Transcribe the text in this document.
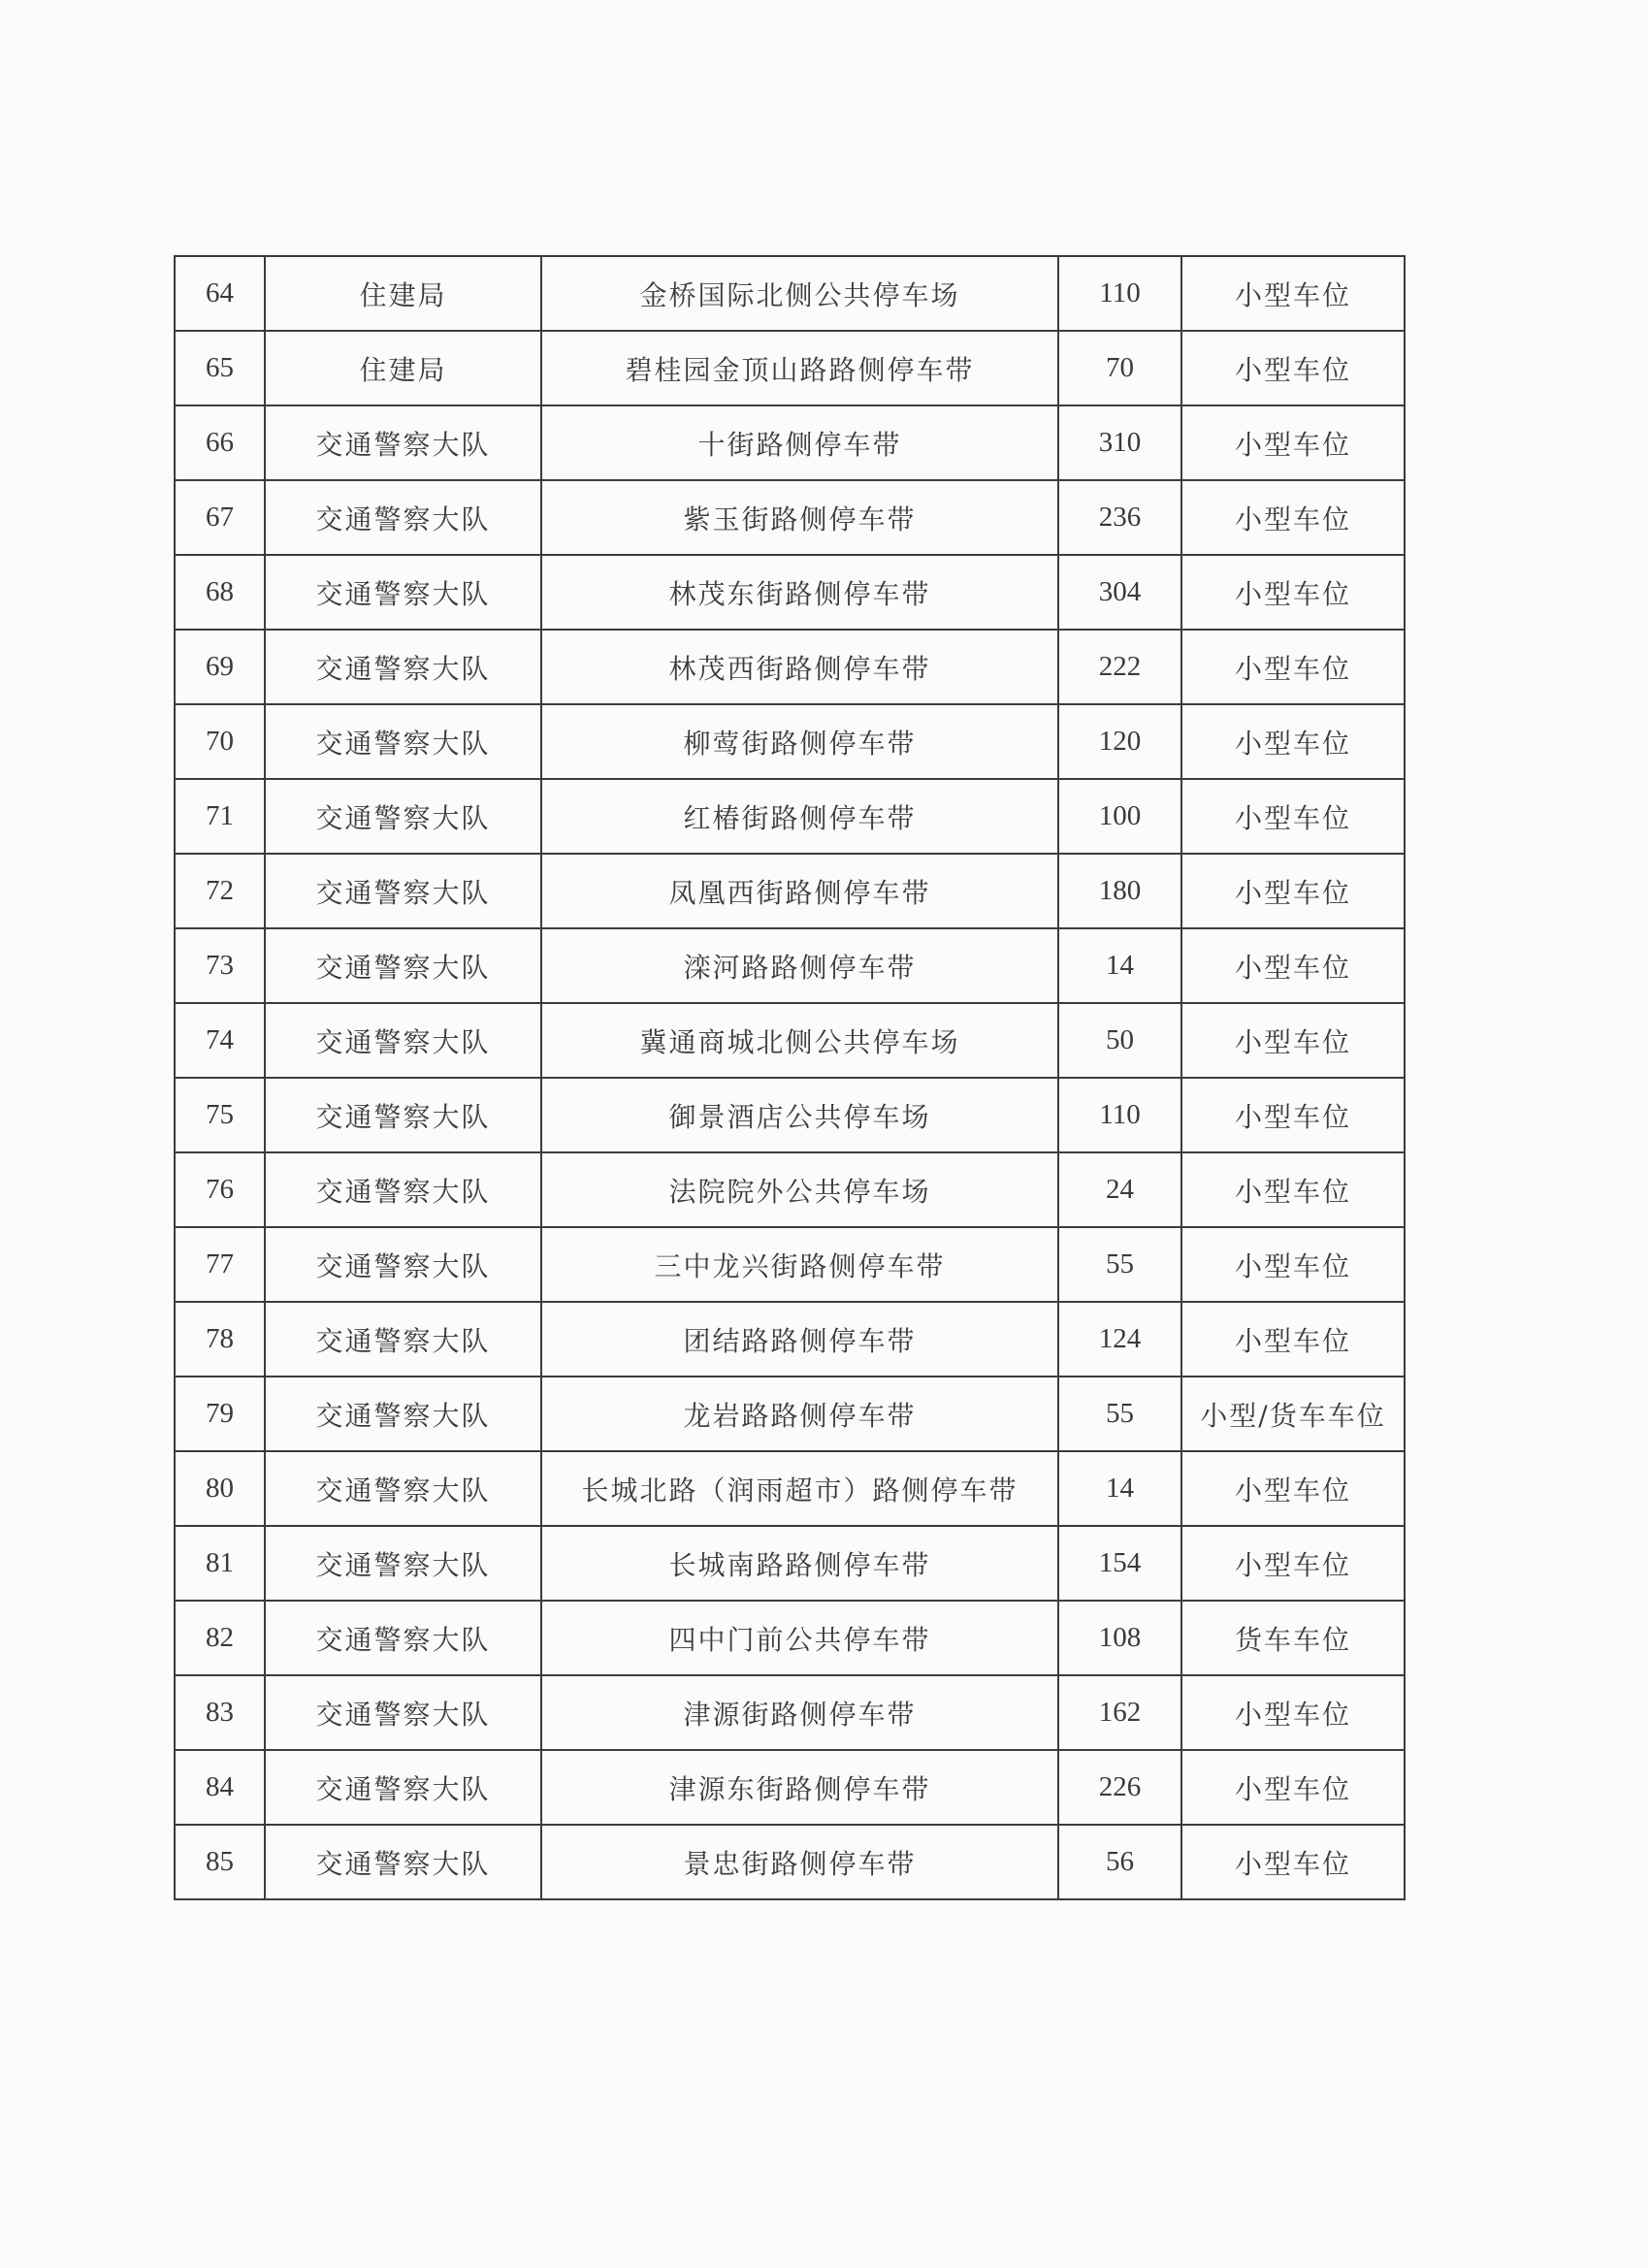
64	住建局	金桥国际北侧公共停车场	110	小型车位
65	住建局	碧桂园金顶山路路侧停车带	70	小型车位
66	交通警察大队	十街路侧停车带	310	小型车位
67	交通警察大队	紫玉街路侧停车带	236	小型车位
68	交通警察大队	林茂东街路侧停车带	304	小型车位
69	交通警察大队	林茂西街路侧停车带	222	小型车位
70	交通警察大队	柳莺街路侧停车带	120	小型车位
71	交通警察大队	红椿街路侧停车带	100	小型车位
72	交通警察大队	凤凰西街路侧停车带	180	小型车位
73	交通警察大队	滦河路路侧停车带	14	小型车位
74	交通警察大队	冀通商城北侧公共停车场	50	小型车位
75	交通警察大队	御景酒店公共停车场	110	小型车位
76	交通警察大队	法院院外公共停车场	24	小型车位
77	交通警察大队	三中龙兴街路侧停车带	55	小型车位
78	交通警察大队	团结路路侧停车带	124	小型车位
79	交通警察大队	龙岩路路侧停车带	55	小型/货车车位
80	交通警察大队	长城北路（润雨超市）路侧停车带	14	小型车位
81	交通警察大队	长城南路路侧停车带	154	小型车位
82	交通警察大队	四中门前公共停车带	108	货车车位
83	交通警察大队	津源街路侧停车带	162	小型车位
84	交通警察大队	津源东街路侧停车带	226	小型车位
85	交通警察大队	景忠街路侧停车带	56	小型车位
